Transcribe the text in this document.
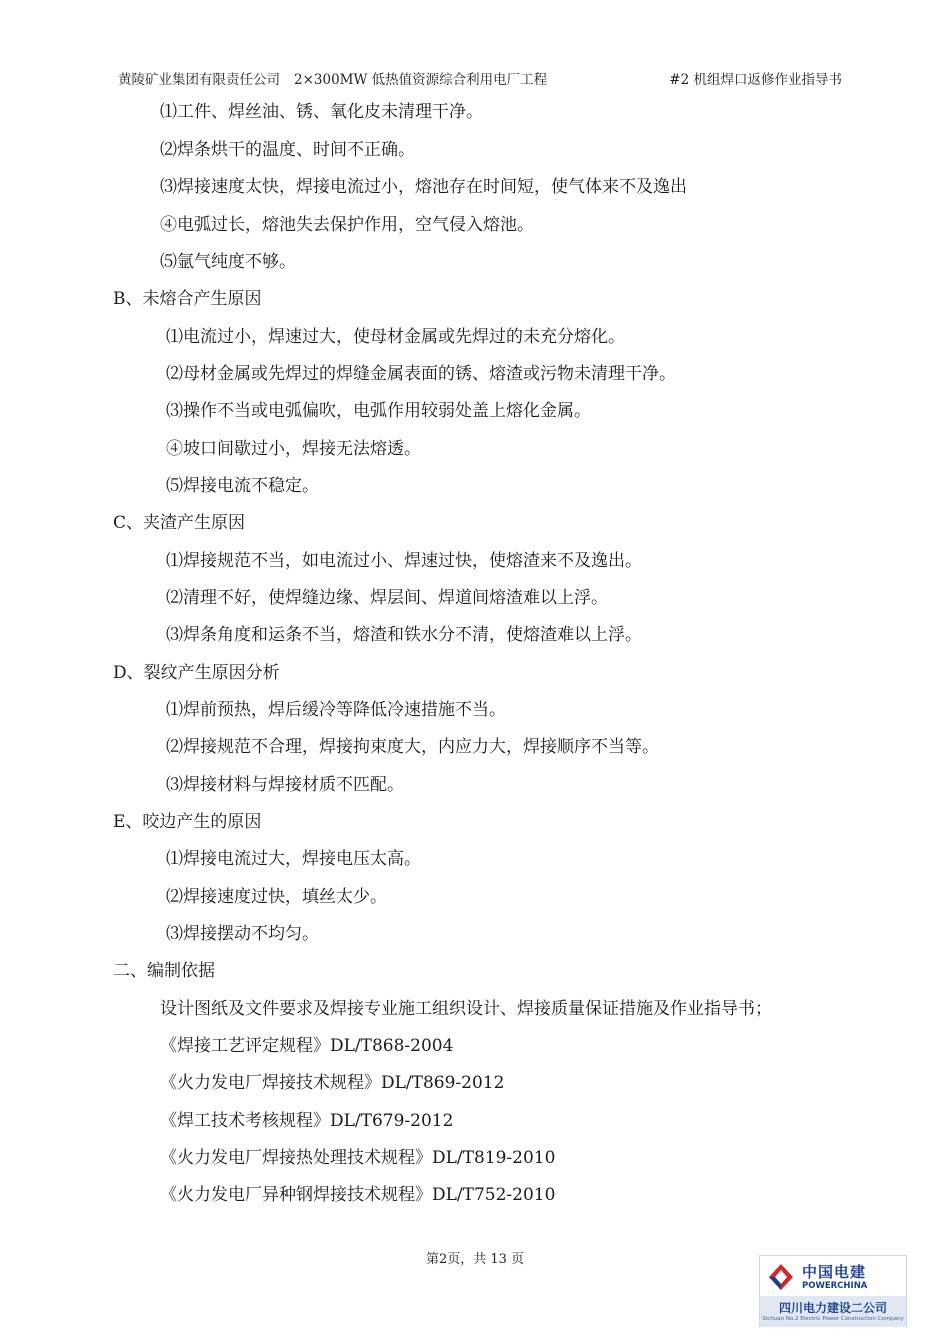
黄陵矿业集团有限责任公司 2×300MW 低热值资源综合利用电厂工程	#2 机组焊口返修作业指导书
⑴工件、焊丝油、锈、氧化皮未清理干净。
⑵焊条烘干的温度、时间不正确。
⑶焊接速度太快，焊接电流过小，熔池存在时间短，使气体来不及逸出
④电弧过长，熔池失去保护作用，空气侵入熔池。
⑸氩气纯度不够。
B、未熔合产生原因
⑴电流过小，焊速过大，使母材金属或先焊过的未充分熔化。
⑵母材金属或先焊过的焊缝金属表面的锈、熔渣或污物未清理干净。
⑶操作不当或电弧偏吹，电弧作用较弱处盖上熔化金属。
④坡口间歇过小，焊接无法熔透。
⑸焊接电流不稳定。
C、夹渣产生原因
⑴焊接规范不当，如电流过小、焊速过快，使熔渣来不及逸出。
⑵清理不好，使焊缝边缘、焊层间、焊道间熔渣难以上浮。
⑶焊条角度和运条不当，熔渣和铁水分不清，使熔渣难以上浮。
D、裂纹产生原因分析
⑴焊前预热，焊后缓冷等降低冷速措施不当。
⑵焊接规范不合理，焊接拘束度大，内应力大，焊接顺序不当等。
⑶焊接材料与焊接材质不匹配。
E、咬边产生的原因
⑴焊接电流过大，焊接电压太高。
⑵焊接速度过快，填丝太少。
⑶焊接摆动不均匀。
二、编制依据
设计图纸及文件要求及焊接专业施工组织设计、焊接质量保证措施及作业指导书；
《焊接工艺评定规程》DL/T868-2004
《火力发电厂焊接技术规程》DL/T869-2012
《焊工技术考核规程》DL/T679-2012
《火力发电厂焊接热处理技术规程》DL/T819-2010
《火力发电厂异种钢焊接技术规程》DL/T752-2010
第2页，共 13 页
中国电建
POWERCHINA
四川电力建设二公司
Sichuan No.2 Electric Power Construction Company
